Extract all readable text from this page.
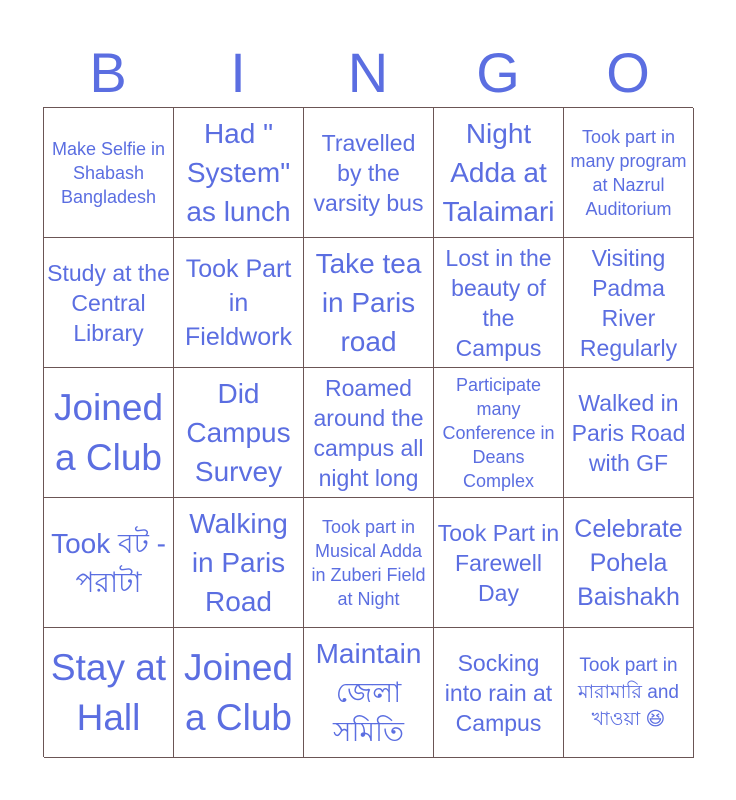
B	I	N	G	O
Make Selfie in Shabash Bangladesh
Had " System" as lunch
Travelled by the varsity bus
Night Adda at Talaimari
Took part in many program at Nazrul Auditorium
Study at the Central Library
Took Part in Fieldwork
Take tea in Paris road
Lost in the beauty of the Campus
Visiting Padma River Regularly
Joined a Club
Did Campus Survey
Roamed around the campus all night long
Participate many Conference in Deans Complex
Walked in Paris Road with GF
Took বট - পরাটা
Walking in Paris Road
Took part in Musical Adda in Zuberi Field at Night
Took Part in Farewell Day
Celebrate Pohela Baishakh
Stay at Hall
Joined a Club
Maintain জেলা সমিতি
Socking into rain at Campus
Took part in মারামারি and খাওয়া 😆
